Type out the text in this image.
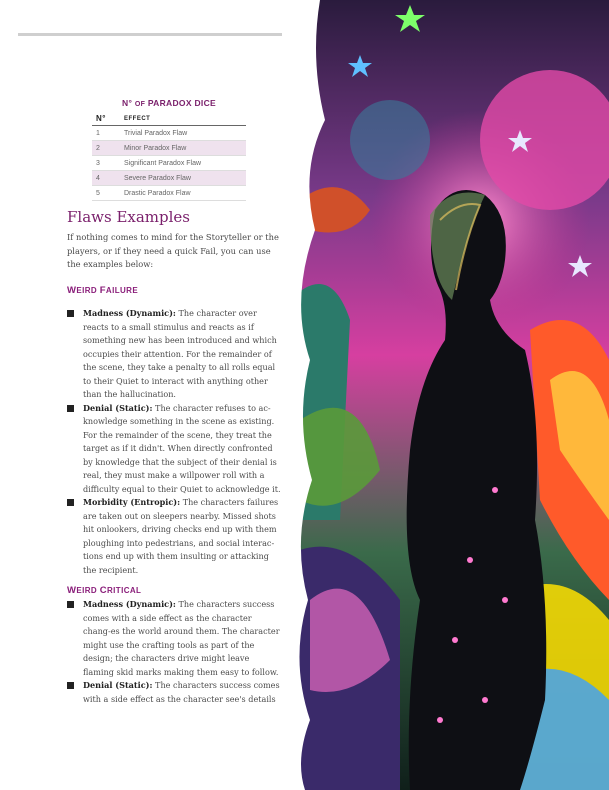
N° OF PARADOX DICE
N°	EFFECT
1	Trivial Paradox Flaw
2	Minor Paradox Flaw
3	Significant Paradox Flaw
4	Severe Paradox Flaw
5	Drastic Paradox Flaw
Flaws Examples

If nothing comes to mind for the Storyteller or the players, or if they need a quick Fail, you can use the examples below:

WEIRD FAILURE
Madness (Dynamic): The character over reacts to a small stimulus and reacts as if something new has been introduced and which occupies their attention. For the remainder of the scene, they take a penalty to all rolls equal to their Quiet to interact with anything other than the hallucination.
Denial (Static): The character refuses to ac-knowledge something in the scene as existing. For the remainder of the scene, they treat the target as if it didn't. When directly confronted by knowledge that the subject of their denial is real, they must make a willpower roll with a difficulty equal to their Quiet to acknowledge it.
Morbidity (Entropic): The characters failures are taken out on sleepers nearby. Missed shots hit onlookers, driving checks end up with them ploughing into pedestrians, and social interac-tions end up with them insulting or attacking the recipient.
WEIRD CRITICAL
Madness (Dynamic): The characters success comes with a side effect as the character chang-es the world around them. The character might use the crafting tools as part of the design; the characters drive might leave flaming skid marks making them easy to follow.
Denial (Static): The characters success comes with a side effect as the character see's details
